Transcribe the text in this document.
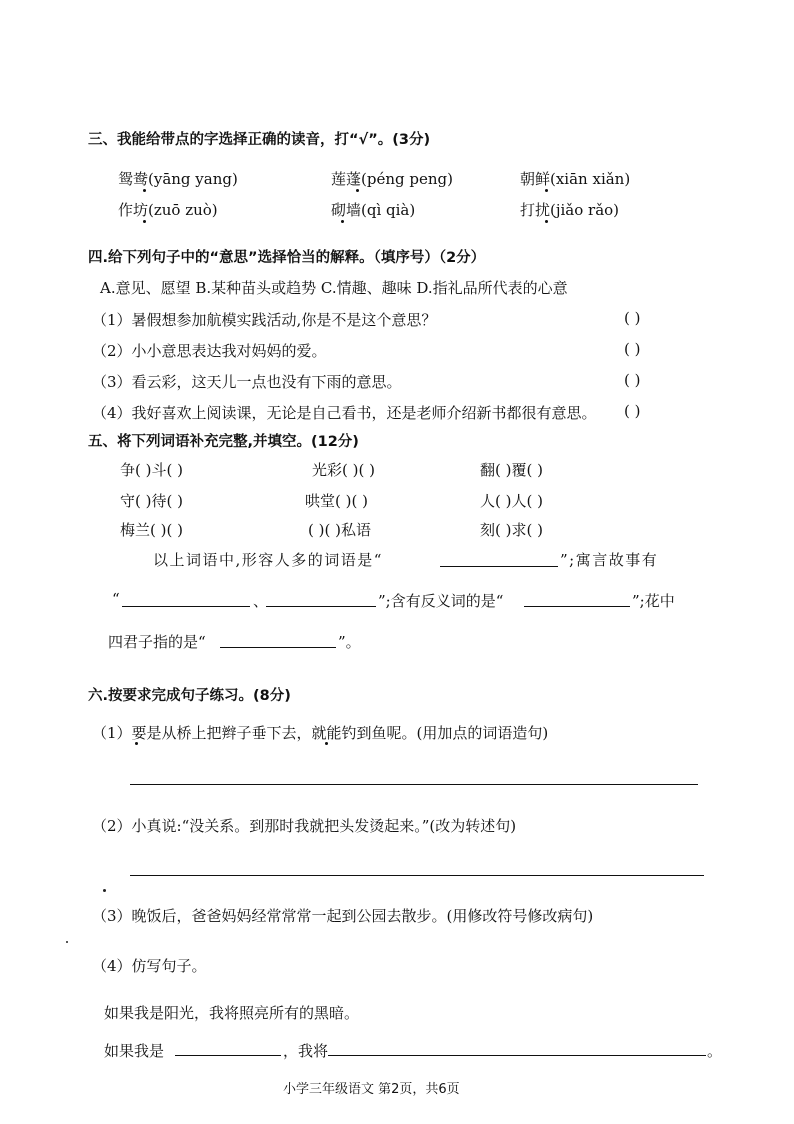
三、我能给带点的字选择正确的读音，打“√”。(3分)
鸳鸯(yāng yang)	莲蓬(péng peng)	朝鲜(xiān xiǎn)
作坊(zuō zuò)	砌墙(qì qià)	打扰(jiǎo rǎo)
四.给下列句子中的“意思”选择恰当的解释。（填序号）（2分）
A.意见、愿望 B.某种苗头或趋势 C.情趣、趣味 D.指礼品所代表的心意
（1）暑假想参加航模实践活动,你是不是这个意思？	( )
（2）小小意思表达我对妈妈的爱。	( )
（3）看云彩，这天儿一点也没有下雨的意思。	( )
（4）我好喜欢上阅读课，无论是自己看书，还是老师介绍新书都很有意思。 ( )
五、将下列词语补充完整,并填空。(12分)
争( )斗( )	光彩( )( )	翻( )覆( )
守( )待( )	哄堂( )( )	人( )人( )
梅兰( )( )	( )( )私语	刻( )求( )
以上词语中,形容人多的词语是“	”;寓言故事有
“	、	”;含有反义词的是“	”;花中
四君子指的是“	”。
六.按要求完成句子练习。(8分)
（1）要是从桥上把辫子垂下去，就能钓到鱼呢。(用加点的词语造句)
（2）小真说:“没关系。到那时我就把头发烫起来。”(改为转述句)
（3）晚饭后，爸爸妈妈经常常常一起到公园去散步。(用修改符号修改病句)
（4）仿写句子。
如果我是阳光，我将照亮所有的黑暗。
如果我是	，我将	。
小学三年级语文 第2页，共6页
